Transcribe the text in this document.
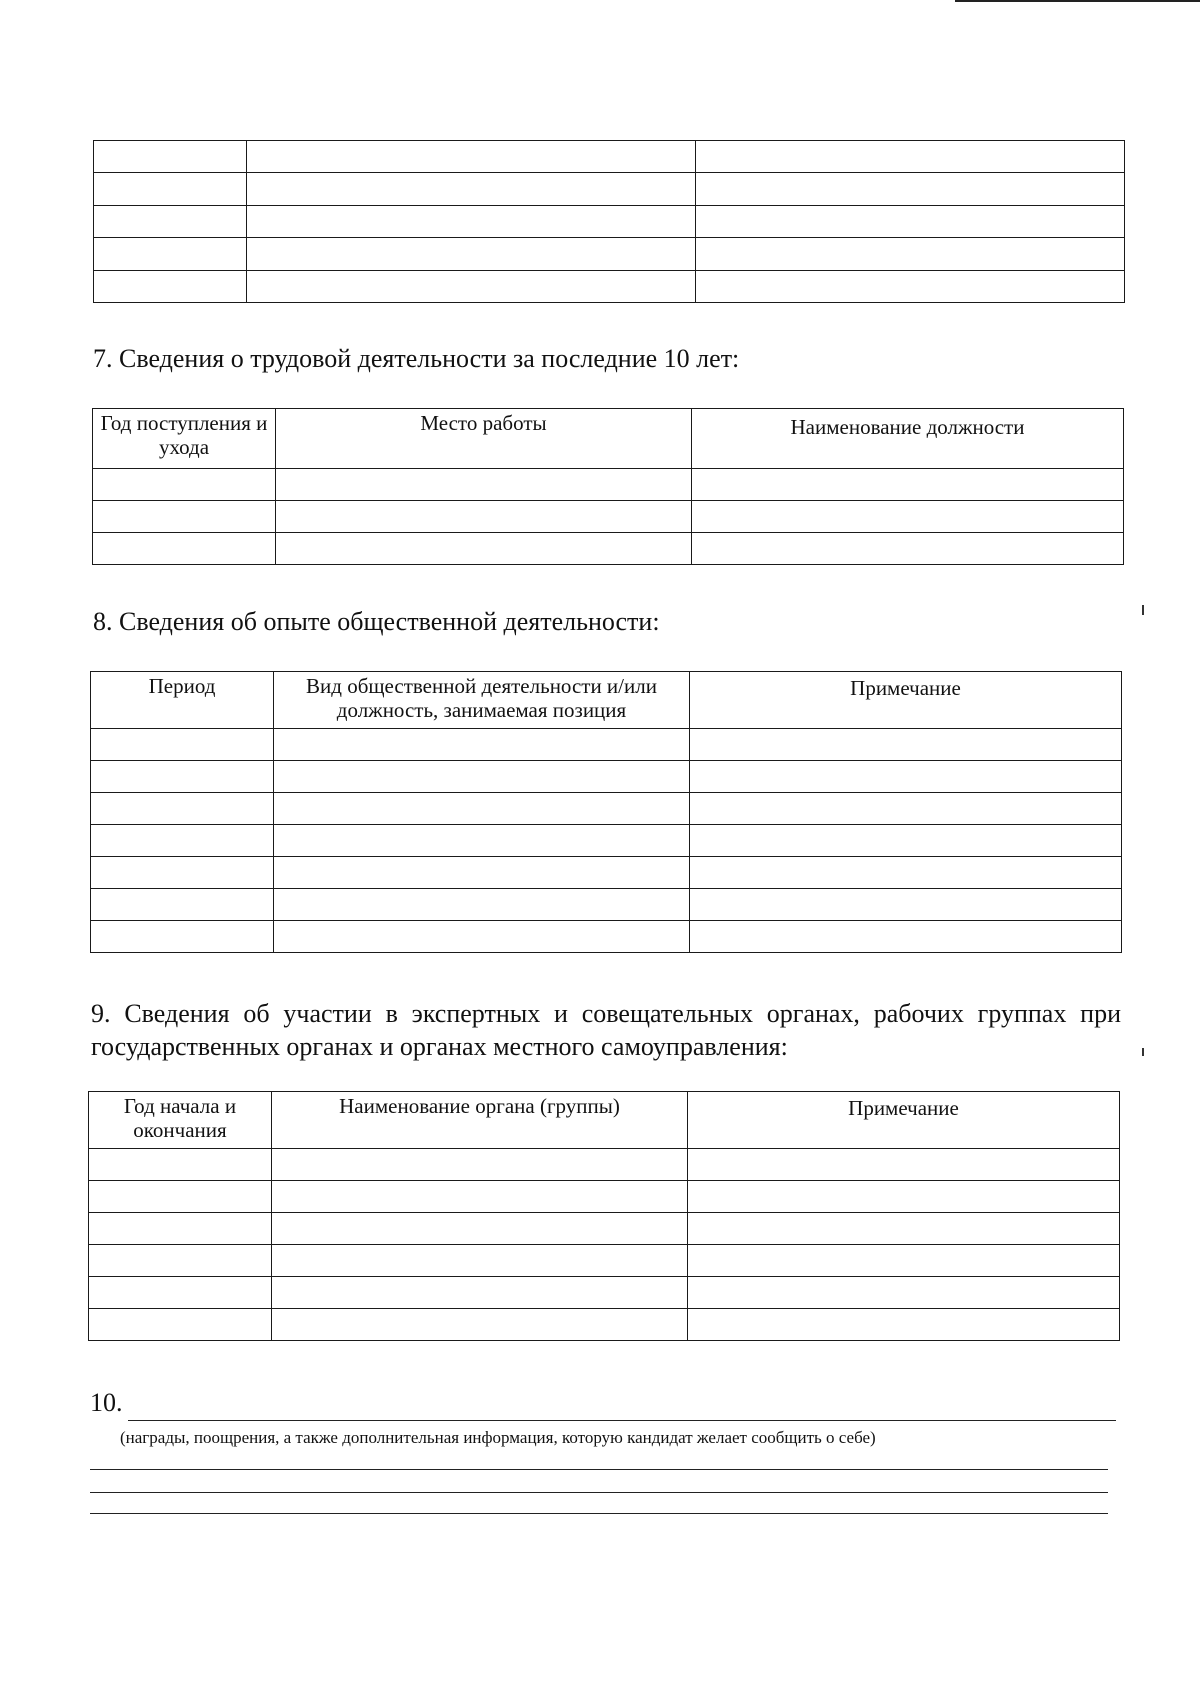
7. Сведения о трудовой деятельности за последние 10 лет:
Год поступления и ухода	Место работы	Наименование должности

8. Сведения об опыте общественной деятельности:
Период	Вид общественной деятельности и/или должность, занимаемая позиция	Примечание

9. Сведения об участии в экспертных и совещательных органах, рабочих группах при государственных органах и органах местного самоуправления:
Год начала и окончания	Наименование органа (группы)	Примечание

10.
(награды, поощрения, а также дополнительная информация, которую кандидат желает сообщить о себе)
